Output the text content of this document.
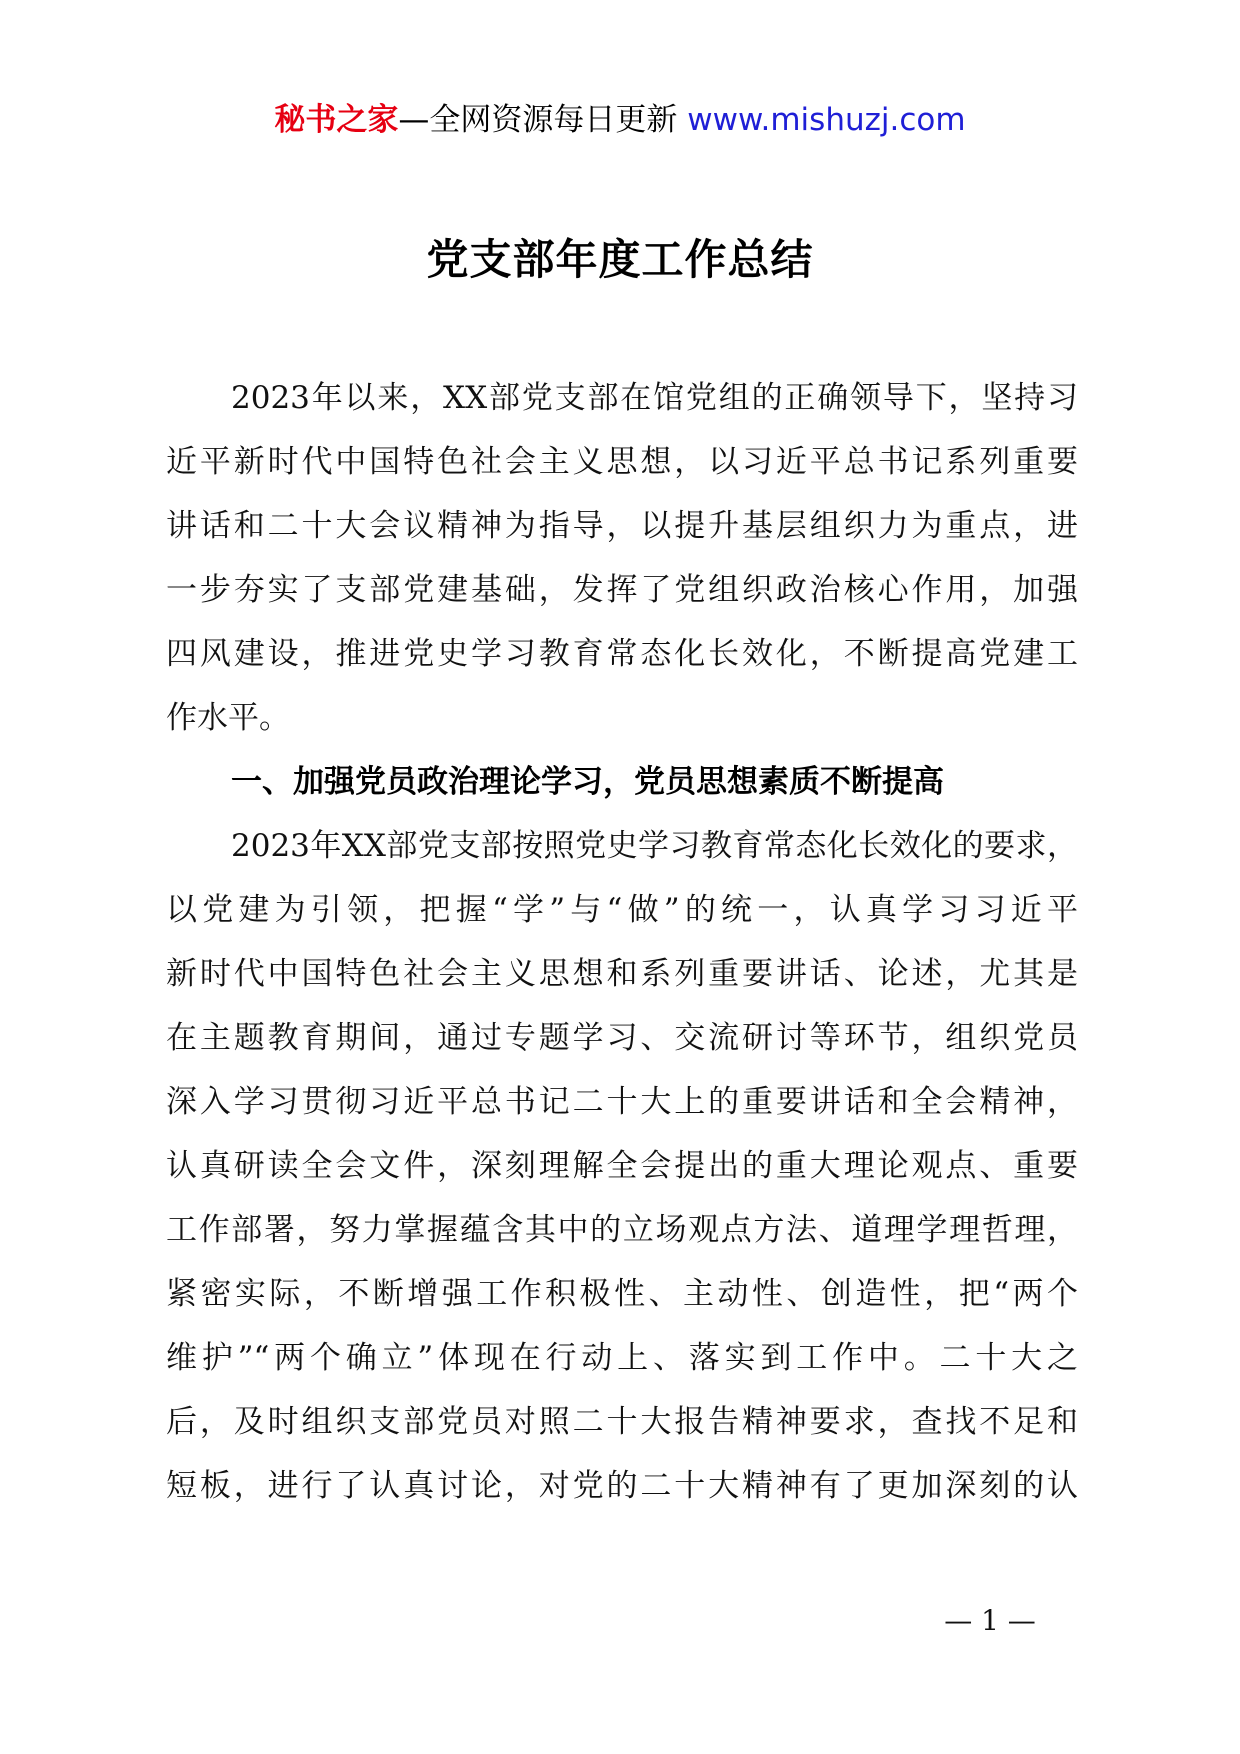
秘书之家—全网资源每日更新 www.mishuzj.com
党支部年度工作总结
2023年以来，XX部党支部在馆党组的正确领导下，坚持习
近平新时代中国特色社会主义思想，以习近平总书记系列重要
讲话和二十大会议精神为指导，以提升基层组织力为重点，进
一步夯实了支部党建基础，发挥了党组织政治核心作用，加强
四风建设，推进党史学习教育常态化长效化，不断提高党建工
作水平。
一、加强党员政治理论学习，党员思想素质不断提高
2023年XX部党支部按照党史学习教育常态化长效化的要求，
以党建为引领，把握“学”与“做”的统一，认真学习习近平
新时代中国特色社会主义思想和系列重要讲话、论述，尤其是
在主题教育期间，通过专题学习、交流研讨等环节，组织党员
深入学习贯彻习近平总书记二十大上的重要讲话和全会精神，
认真研读全会文件，深刻理解全会提出的重大理论观点、重要
工作部署，努力掌握蕴含其中的立场观点方法、道理学理哲理，
紧密实际，不断增强工作积极性、主动性、创造性，把“两个
维护”“两个确立”体现在行动上、落实到工作中。二十大之
后，及时组织支部党员对照二十大报告精神要求，查找不足和
短板，进行了认真讨论，对党的二十大精神有了更加深刻的认
— 1 —
